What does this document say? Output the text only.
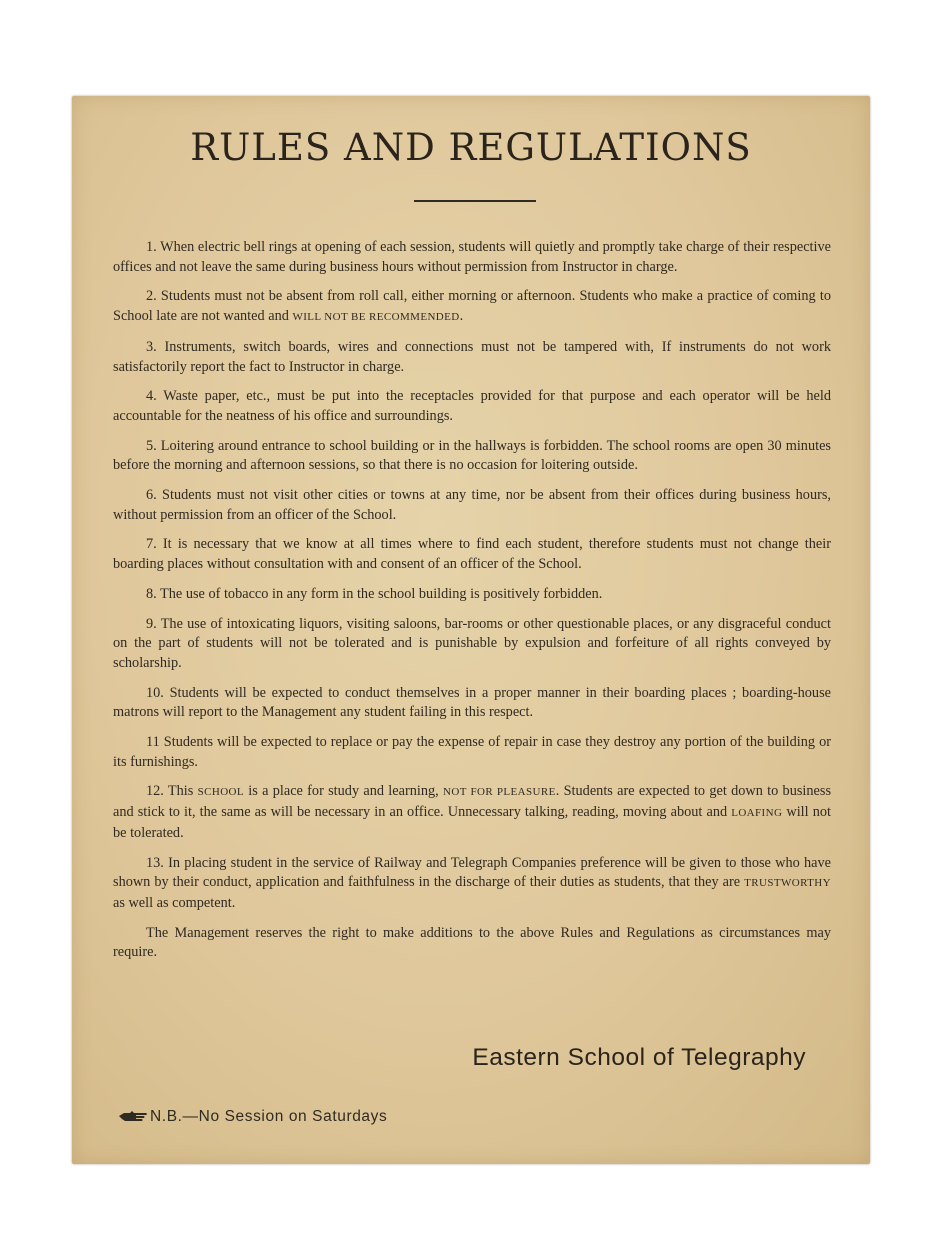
RULES AND REGULATIONS

1. When electric bell rings at opening of each session, students will quietly and promptly take charge of their respective offices and not leave the same during business hours without permission from Instructor in charge.

2. Students must not be absent from roll call, either morning or afternoon. Students who make a practice of coming to School late are not wanted and WILL NOT BE RECOMMENDED.

3. Instruments, switch boards, wires and connections must not be tampered with, If instruments do not work satisfactorily report the fact to Instructor in charge.

4. Waste paper, etc., must be put into the receptacles provided for that purpose and each operator will be held accountable for the neatness of his office and surroundings.

5. Loitering around entrance to school building or in the hallways is forbidden. The school rooms are open 30 minutes before the morning and afternoon sessions, so that there is no occasion for loitering outside.

6. Students must not visit other cities or towns at any time, nor be absent from their offices during business hours, without permission from an officer of the School.

7. It is necessary that we know at all times where to find each student, therefore students must not change their boarding places without consultation with and consent of an officer of the School.

8. The use of tobacco in any form in the school building is positively forbidden.

9. The use of intoxicating liquors, visiting saloons, bar-rooms or other questionable places, or any disgraceful conduct on the part of students will not be tolerated and is punishable by expulsion and forfeiture of all rights conveyed by scholarship.

10. Students will be expected to conduct themselves in a proper manner in their boarding places ; boarding-house matrons will report to the Management any student failing in this respect.

11 Students will be expected to replace or pay the expense of repair in case they destroy any portion of the building or its furnishings.

12. This SCHOOL is a place for study and learning, NOT FOR PLEASURE. Students are expected to get down to business and stick to it, the same as will be necessary in an office. Unnecessary talking, reading, moving about and LOAFING will not be tolerated.

13. In placing student in the service of Railway and Telegraph Companies preference will be given to those who have shown by their conduct, application and faithfulness in the discharge of their duties as students, that they are TRUSTWORTHY as well as competent.

The Management reserves the right to make additions to the above Rules and Regulations as circumstances may require.

Eastern School of Telegraphy
N.B.—No Session on Saturdays
